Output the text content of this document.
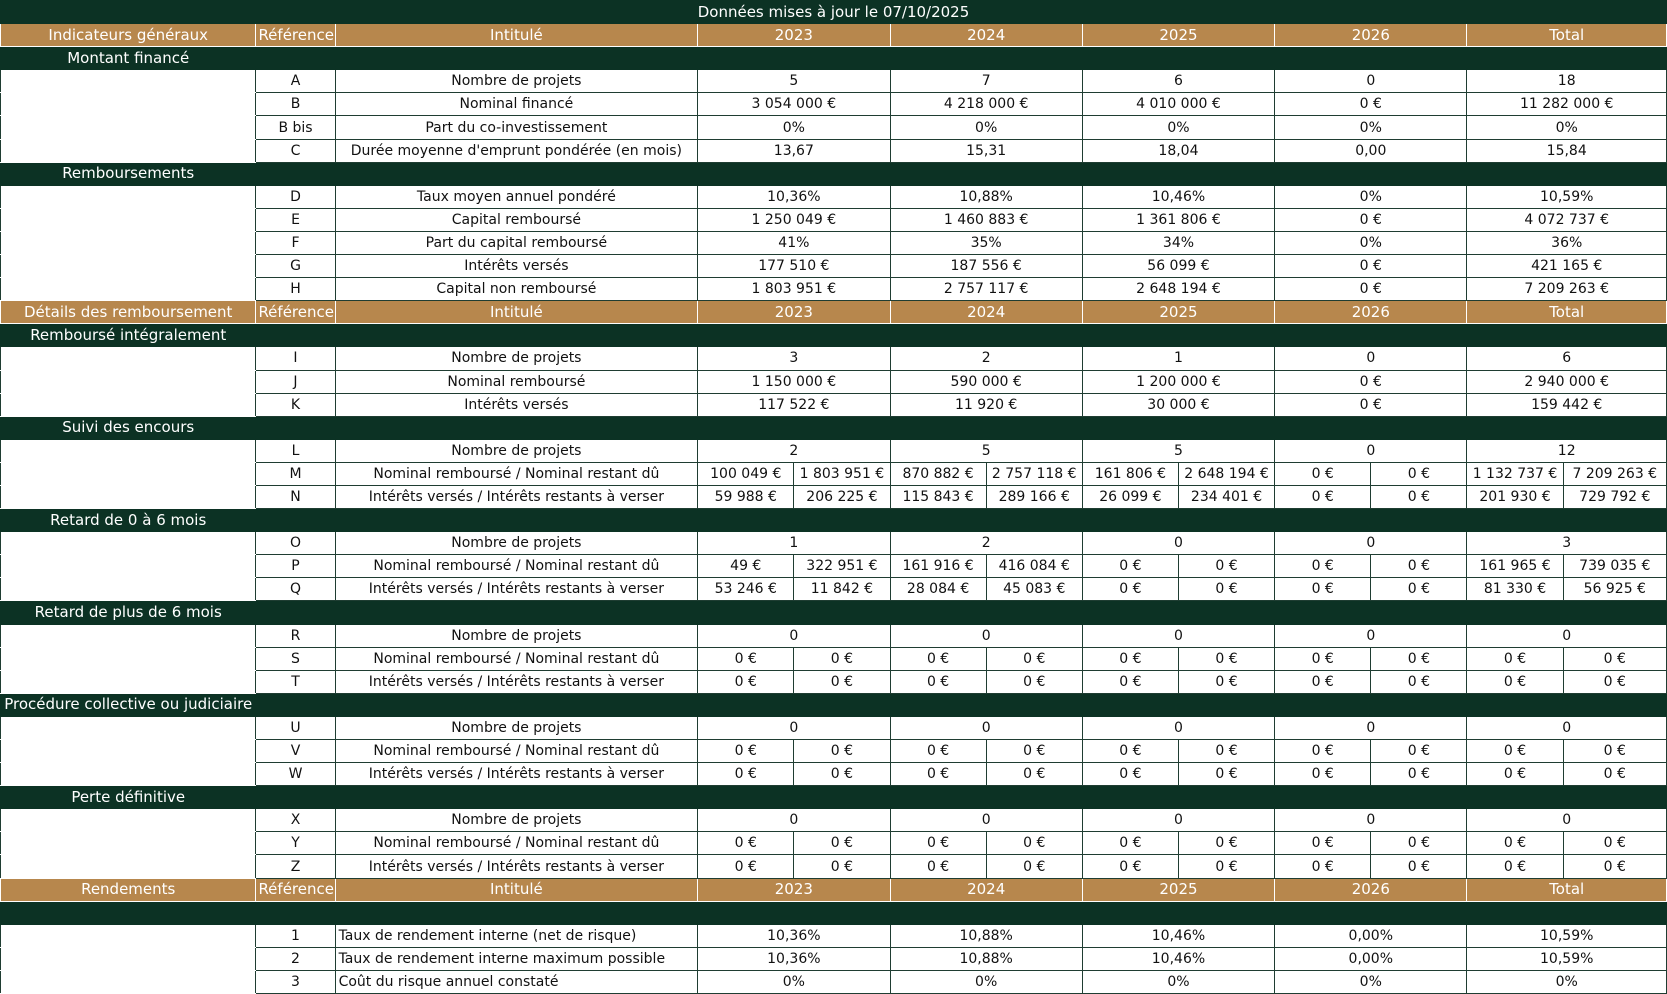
Données mises à jour le 07/10/2025												
Indicateurs généraux	Référence	Intitulé	2023		2024		2025		2026		Total	
Montant financé												
	A	Nombre de projets	5		7		6		0		18	
	B	Nominal financé	3 054 000 €		4 218 000 €		4 010 000 €		0 €		11 282 000 €	
	B bis	Part du co-investissement	0%		0%		0%		0%		0%	
	C	Durée moyenne d'emprunt pondérée (en mois)	13,67		15,31		18,04		0,00		15,84	
Remboursements												
	D	Taux moyen annuel pondéré	10,36%		10,88%		10,46%		0%		10,59%	
	E	Capital remboursé	1 250 049 €		1 460 883 €		1 361 806 €		0 €		4 072 737 €	
	F	Part du capital remboursé	41%		35%		34%		0%		36%	
	G	Intérêts versés	177 510 €		187 556 €		56 099 €		0 €		421 165 €	
	H	Capital non remboursé	1 803 951 €		2 757 117 €		2 648 194 €		0 €		7 209 263 €	
Détails des remboursement	Référence	Intitulé	2023		2024		2025		2026		Total	
Remboursé intégralement												
	I	Nombre de projets	3		2		1		0		6	
	J	Nominal remboursé	1 150 000 €		590 000 €		1 200 000 €		0 €		2 940 000 €	
	K	Intérêts versés	117 522 €		11 920 €		30 000 €		0 €		159 442 €	
Suivi des encours												
	L	Nombre de projets	2		5		5		0		12	
	M	Nominal remboursé / Nominal restant dû	100 049 €	1 803 951 €	870 882 €	2 757 118 €	161 806 €	2 648 194 €	0 €	0 €	1 132 737 €	7 209 263 €
	N	Intérêts versés / Intérêts restants à verser	59 988 €	206 225 €	115 843 €	289 166 €	26 099 €	234 401 €	0 €	0 €	201 930 €	729 792 €
Retard de 0 à 6 mois												
	O	Nombre de projets	1		2		0		0		3	
	P	Nominal remboursé / Nominal restant dû	49 €	322 951 €	161 916 €	416 084 €	0 €	0 €	0 €	0 €	161 965 €	739 035 €
	Q	Intérêts versés / Intérêts restants à verser	53 246 €	11 842 €	28 084 €	45 083 €	0 €	0 €	0 €	0 €	81 330 €	56 925 €
Retard de plus de 6 mois												
	R	Nombre de projets	0		0		0		0		0	
	S	Nominal remboursé / Nominal restant dû	0 €	0 €	0 €	0 €	0 €	0 €	0 €	0 €	0 €	0 €
	T	Intérêts versés / Intérêts restants à verser	0 €	0 €	0 €	0 €	0 €	0 €	0 €	0 €	0 €	0 €
Procédure collective ou judiciaire												
	U	Nombre de projets	0		0		0		0		0	
	V	Nominal remboursé / Nominal restant dû	0 €	0 €	0 €	0 €	0 €	0 €	0 €	0 €	0 €	0 €
	W	Intérêts versés / Intérêts restants à verser	0 €	0 €	0 €	0 €	0 €	0 €	0 €	0 €	0 €	0 €
Perte définitive												
	X	Nombre de projets	0		0		0		0		0	
	Y	Nominal remboursé / Nominal restant dû	0 €	0 €	0 €	0 €	0 €	0 €	0 €	0 €	0 €	0 €
	Z	Intérêts versés / Intérêts restants à verser	0 €	0 €	0 €	0 €	0 €	0 €	0 €	0 €	0 €	0 €
Rendements	Référence	Intitulé	2023		2024		2025		2026		Total	

	1	Taux de rendement interne (net de risque)	10,36%		10,88%		10,46%		0,00%		10,59%	
	2	Taux de rendement interne maximum possible	10,36%		10,88%		10,46%		0,00%		10,59%	
	3	Coût du risque annuel constaté	0%		0%		0%		0%		0%	
